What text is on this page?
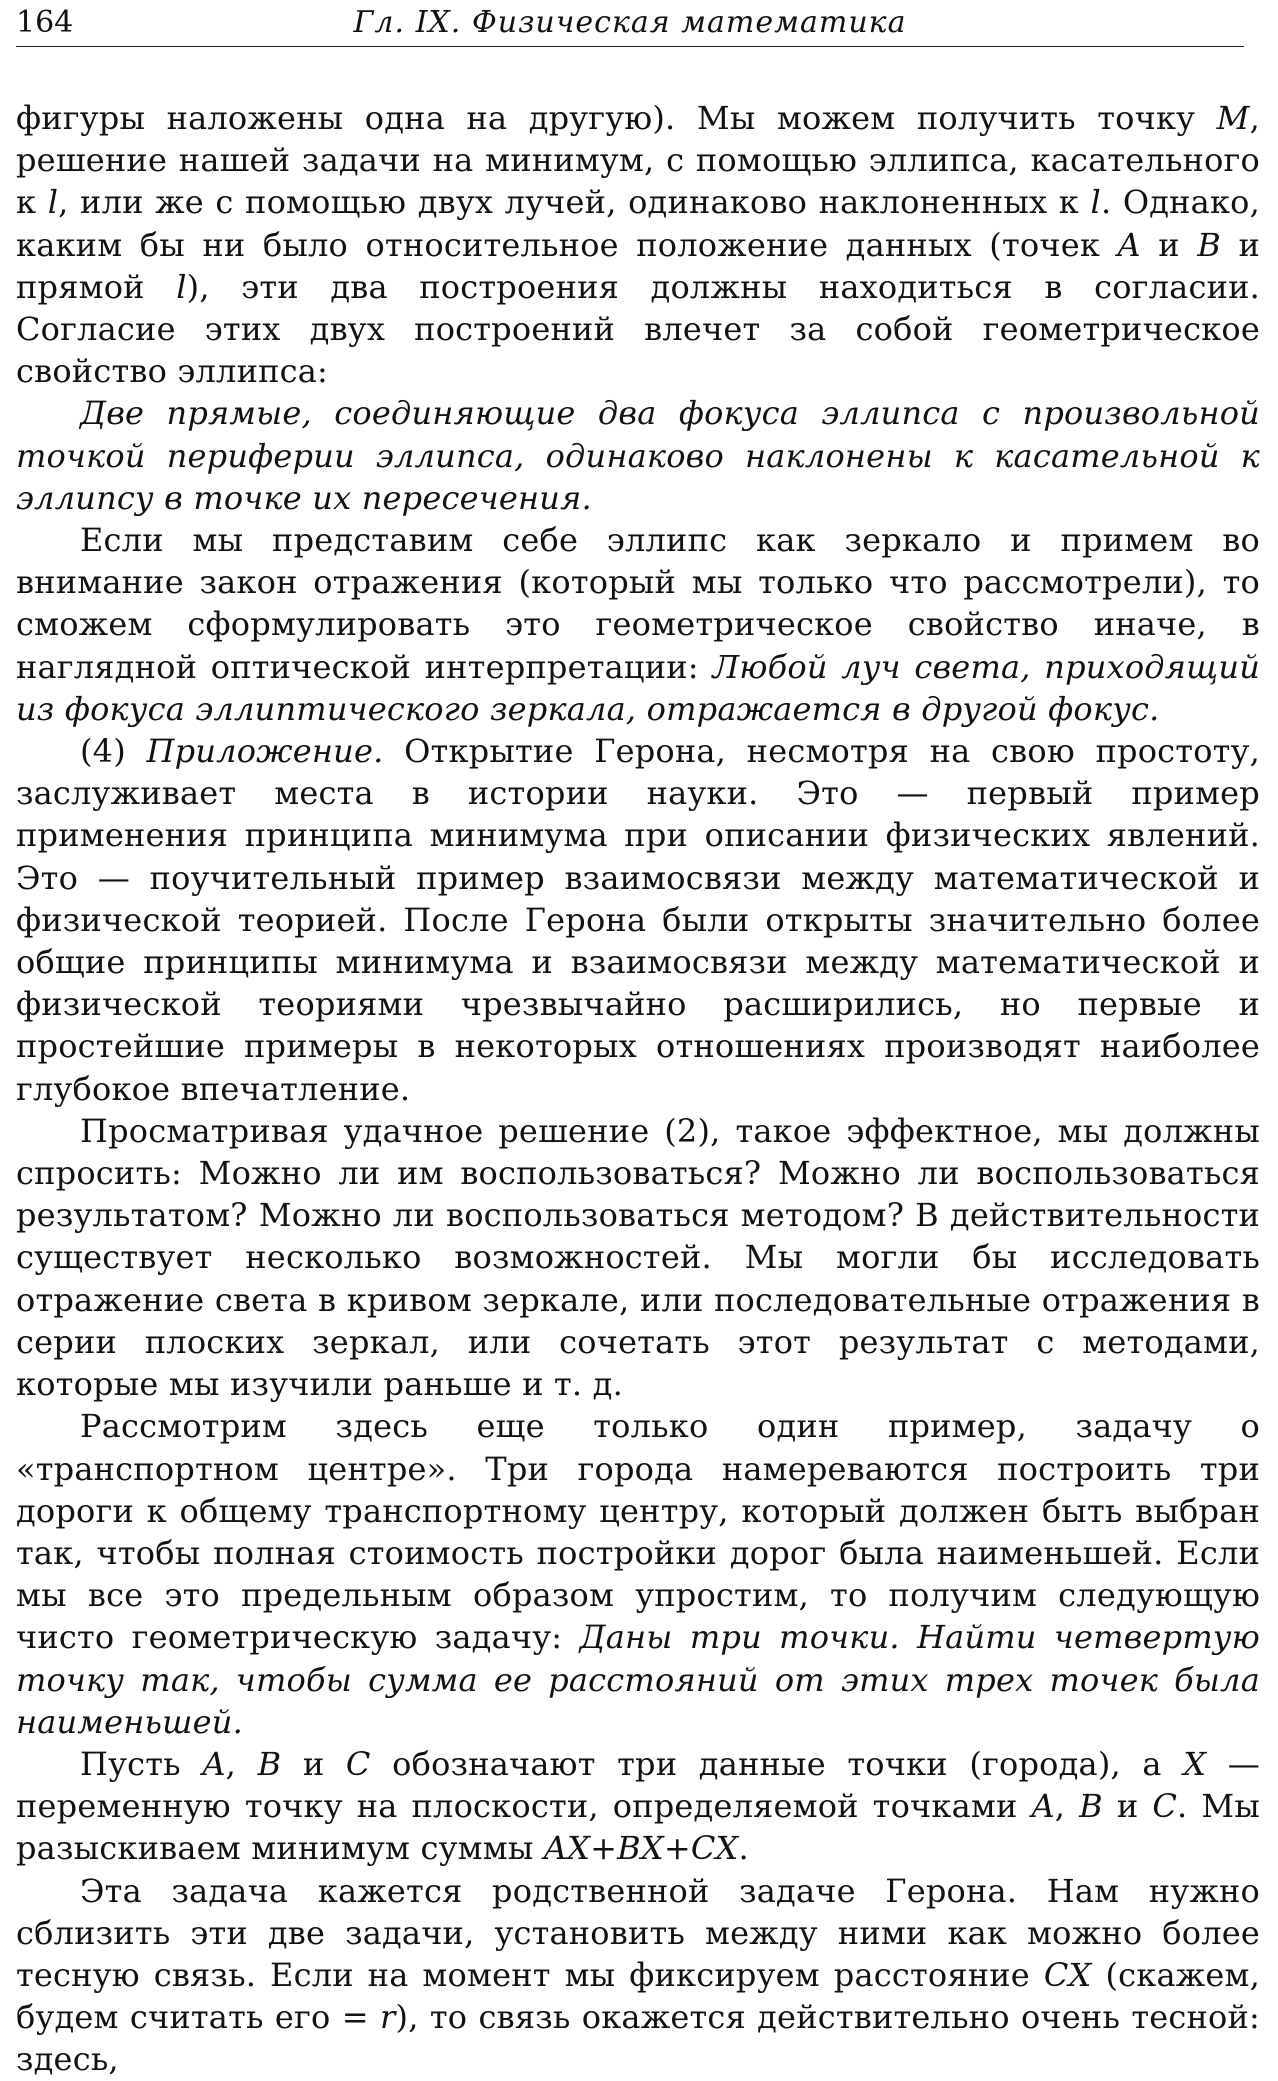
164	Гл. IX. Физическая математика

фигуры наложены одна на другую). Мы можем получить точку M, решение нашей задачи на минимум, с помощью эллипса, касательного к l, или же с помощью двух лучей, одинаково наклоненных к l. Однако, каким бы ни было относительное положение данных (точек A и B и прямой l), эти два построения должны находиться в согласии. Согласие этих двух построений влечет за собой геометрическое свойство эллипса:

Две прямые, соединяющие два фокуса эллипса с произвольной точкой периферии эллипса, одинаково наклонены к касательной к эллипсу в точке их пересечения.

Если мы представим себе эллипс как зеркало и примем во внимание закон отражения (который мы только что рассмотрели), то сможем сформулировать это геометрическое свойство иначе, в наглядной оптической интерпретации: Любой луч света, приходящий из фокуса эллиптического зеркала, отражается в другой фокус.

(4) Приложение. Открытие Герона, несмотря на свою простоту, заслуживает места в истории науки. Это — первый пример применения принципа минимума при описании физических явлений. Это — поучительный пример взаимосвязи между математической и физической теорией. После Герона были открыты значительно более общие принципы минимума и взаимосвязи между математической и физической теориями чрезвычайно расширились, но первые и простейшие примеры в некоторых отношениях производят наиболее глубокое впечатление.

Просматривая удачное решение (2), такое эффектное, мы должны спросить: Можно ли им воспользоваться? Можно ли воспользоваться результатом? Можно ли воспользоваться методом? В действительности существует несколько возможностей. Мы могли бы исследовать отражение света в кривом зеркале, или последовательные отражения в серии плоских зеркал, или сочетать этот результат с методами, которые мы изучили раньше и т. д.

Рассмотрим здесь еще только один пример, задачу о «транспортном центре». Три города намереваются построить три дороги к общему транспортному центру, который должен быть выбран так, чтобы полная стоимость постройки дорог была наименьшей. Если мы все это предельным образом упростим, то получим следующую чисто геометрическую задачу: Даны три точки. Найти четвертую точку так, чтобы сумма ее расстояний от этих трех точек была наименьшей.

Пусть A, B и C обозначают три данные точки (города), а X — переменную точку на плоскости, определяемой точками A, B и C. Мы разыскиваем минимум суммы AX+BX+CX.

Эта задача кажется родственной задаче Герона. Нам нужно сблизить эти две задачи, установить между ними как можно более тесную связь. Если на момент мы фиксируем расстояние CX (скажем, будем считать его = r), то связь окажется действительно очень тесной: здесь,
